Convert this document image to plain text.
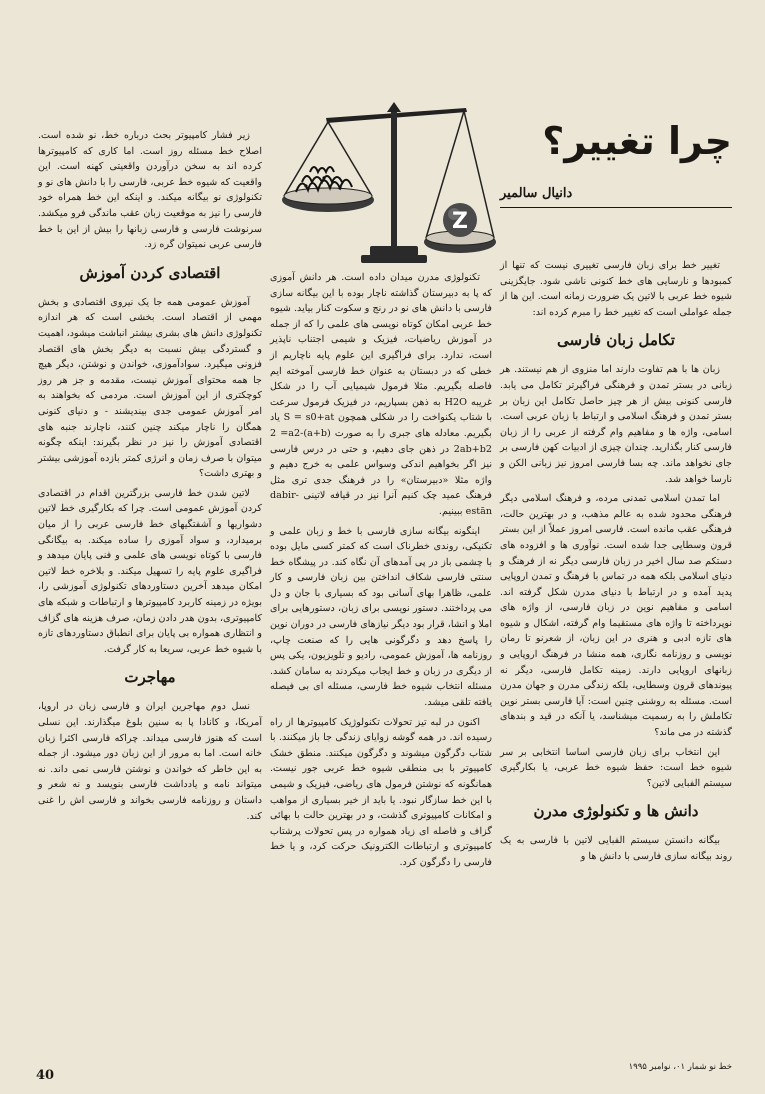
Z
چرا تغییر؟
دانیال سالمیر

تغییر خط برای زبان فارسی تغییری نیست که تنها از کمبودها و نارسایی های خط کنونی ناشی شود. جایگزینی شیوه خط عربی با لاتین یک ضرورت زمانه است. این ها از جمله عواملی است که تغییر خط را مبرم کرده اند:

تکامل زبان فارسی

زبان ها با هم تفاوت دارند اما منزوی از هم نیستند. هر زبانی در بستر تمدن و فرهنگی فراگیرتر تکامل می یابد. فارسی کنونی بیش از هر چیز حاصل تکامل این زبان بر بستر تمدن و فرهنگ اسلامی و ارتباط با زبان عربی است. اسامی، واژه ها و مفاهیم وام گرفته از عربی را از زبان فارسی کنار بگذارید. چندان چیزی از ادبیات کهن فارسی بر جای نخواهد ماند. چه بسا فارسی امروز نیز زبانی الکن و نارسا خواهد شد.

اما تمدن اسلامی تمدنی مرده، و فرهنگ اسلامی دیگر فرهنگی محدود شده به عالم مذهب، و در بهترین حالت، فرهنگی عقب مانده است. فارسی امروز عملاً از این بستر قرون وسطایی جدا شده است. نوآوری ها و افزوده های دستکم صد سال اخیر در زبان فارسی دیگر نه از فرهنگ و دنیای اسلامی بلکه همه در تماس با فرهنگ و تمدن اروپایی پدید آمده و در ارتباط با دنیای مدرن شکل گرفته اند. اسامی و مفاهیم نوین در زبان فارسی، از واژه های نوپرداخته تا واژه های مستقیما وام گرفته، اشکال و شیوه های تازه ادبی و هنری در این زبان، از شعرنو تا رمان نویسی و روزنامه نگاری، همه منشا در فرهنگ اروپایی و زبانهای اروپایی دارند. زمینه تکامل فارسی، دیگر نه پیوندهای قرون وسطایی، بلکه زندگی مدرن و جهان مدرن است. مسئله به روشنی چنین است: آیا فارسی بستر نوین تکاملش را به رسمیت میشناسد، یا آنکه در قید و بندهای گذشته در می ماند؟

این انتخاب برای زبان فارسی اساسا انتخابی بر سر شیوه خط است: حفظ شیوه خط عربی، یا بکارگیری سیستم الفبایی لاتین؟

دانش ها و تکنولوژی مدرن

بیگانه دانستن سیستم الفبایی لاتین با فارسی به یک روند بیگانه سازی فارسی با دانش ها و

تکنولوژی مدرن میدان داده است. هر دانش آموزی که پا به دبیرستان گذاشته ناچار بوده با این بیگانه سازی فارسی با دانش های نو در رنج و سکوت کنار بیاید. شیوه خط عربی امکان کوتاه نویسی های علمی را که از جمله در آموزش ریاضیات، فیزیک و شیمی اجتناب ناپذیر است، ندارد. برای فراگیری این علوم پایه ناچاریم از خطی که در دبستان به عنوان خط فارسی آموخته ایم فاصله بگیریم. مثلا فرمول شیمیایی آب را در شکل غریبه H2O به ذهن بسپاریم، در فیزیک فرمول سرعت با شتاب یکنواخت را در شکلی همچون S = s0+at یاد بگیریم. معادله های جبری را به صورت (a+b)2 =a2-2ab+b2 در ذهن جای دهیم، و حتی در درس فارسی نیز اگر بخواهیم اندکی وسواس علمی به خرج دهیم و واژه مثلا «دبیرستان» را در فرهنگ جدی تری مثل فرهنگ عمید چک کنیم آنرا نیز در قیافه لاتینی dabir-estān ببینیم.

اینگونه بیگانه سازی فارسی با خط و زبان علمی و تکنیکی، روندی خطرناک است که کمتر کسی مایل بوده با چشمی باز در پی آمدهای آن نگاه کند. در پیشگاه خط سنتی فارسی شکاف انداختن بین زبان فارسی و کار علمی، ظاهرا بهای آسانی بود که بسیاری با جان و دل می پرداختند. دستور نویسی برای زبان، دستورهایی برای املا و انشا، قرار بود دیگر نیازهای فارسی در دوران نوین را پاسخ دهد و دگرگونی هایی را که صنعت چاپ، روزنامه ها، آموزش عمومی، رادیو و تلویزیون، یکی پس از دیگری در زبان و خط ایجاب میکردند به سامان کشد. مسئله انتخاب شیوه خط فارسی، مسئله ای بی فیصله یافته تلقی میشد.

اکنون در لبه تیز تحولات تکنولوژیک کامپیوترها از راه رسیده اند. در همه گوشه زوایای زندگی جا باز میکنند. با شتاب دگرگون میشوند و دگرگون میکنند. منطق خشک کامپیوتر با بی منطقی شیوه خط عربی جور نیست. همانگونه که نوشتن فرمول های ریاضی، فیزیک و شیمی با این خط سازگار نبود. یا باید از خیر بسیاری از مواهب و امکانات کامپیوتری گذشت، و در بهترین حالت با بهائی گزاف و فاصله ای زیاد همواره در پس تحولات پرشتاب کامپیوتری و ارتباطات الکترونیک حرکت کرد، و یا خط فارسی را دگرگون کرد.

زیر فشار کامپیوتر بحث درباره خط، نو شده است. اصلاح خط مسئله روز است. اما کاری که کامپیوترها کرده اند به سخن درآوردن واقعیتی کهنه است. این واقعیت که شیوه خط عربی، فارسی را با دانش های نو و تکنولوژی نو بیگانه میکند. و اینکه این خط همراه خود فارسی را نیز به موقعیت زبان عقب ماندگی فرو میکشد. سرنوشت فارسی و فارسی زبانها را بیش از این با خط فارسی عربی نمیتوان گره زد.

اقتصادی کردن آموزش

آموزش عمومی همه جا یک نیروی اقتصادی و بخش مهمی از اقتصاد است. بخشی است که هر اندازه تکنولوژی دانش های بشری بیشتر انباشت میشود، اهمیت و گستردگی بیش نسبت به دیگر بخش های اقتصاد فزونی میگیرد. سوادآموزی، خواندن و نوشتن، دیگر هیچ جا همه محتوای آموزش نیست، مقدمه و جز هر روز کوچکتری از این آموزش است. مردمی که بخواهند به امر آموزش عمومی جدی بیندیشند - و دنیای کنونی همگان را ناچار میکند چنین کنند، ناچارند جنبه های اقتصادی آموزش را نیز در نظر بگیرند: اینکه چگونه میتوان با صرف زمان و انرژی کمتر بازده آموزشی بیشتر و بهتری داشت؟

لاتین شدن خط فارسی بزرگترین اقدام در اقتصادی کردن آموزش عمومی است. چرا که بکارگیری خط لاتین دشواریها و آشفتگیهای خط فارسی عربی را از میان برمیدارد، و سواد آموزی را ساده میکند. به بیگانگی فارسی با کوتاه نویسی های علمی و فنی پایان میدهد و فراگیری علوم پایه را تسهیل میکند. و بلاخره خط لاتین امکان میدهد آخرین دستاوردهای تکنولوژی آموزشی را، بویژه در زمینه کاربرد کامپیوترها و ارتباطات و شبکه های کامپیوتری، بدون هدر دادن زمان، صرف هزینه های گزاف و انتظاری همواره بی پایان برای انطباق دستاوردهای تازه با شیوه خط عربی، سریعا به کار گرفت.

مهاجرت

نسل دوم مهاجرین ایران و فارسی زبان در اروپا، آمریکا، و کانادا پا به سنین بلوغ میگذارند. این نسلی است که هنوز فارسی میداند. چراکه فارسی اکثرا زبان خانه است. اما به مرور از این زبان دور میشود. از جمله به این خاطر که خواندن و نوشتن فارسی نمی داند. نه میتواند نامه و یادداشت فارسی بنویسد و نه شعر و داستان و روزنامه فارسی بخواند و فارسی اش را غنی کند.

خط نو شمار ۰۱، نوامبر ۱۹۹۵
40
